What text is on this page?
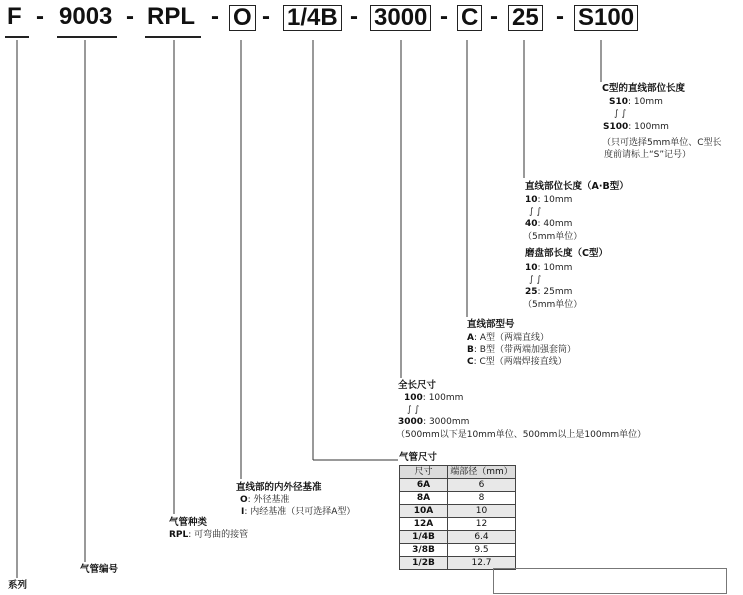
F - 9003 - RPL - O - 1/4B - 3000 - C - 25 - S100
系列
气管编号
气管种类
RPL: 可弯曲的接管
直线部的内外径基准
O: 外径基准
I: 内经基准（只可选择A型）
气管尺寸
尺寸	端部径（mm）
6A	6
8A	8
10A	10
12A	12
1/4B	6.4
3/8B	9.5
1/2B	12.7
全长尺寸
100: 100mm
∫ ∫
3000: 3000mm
（500mm以下是10mm单位、500mm以上是100mm单位）
直线部型号
A: A型（两端直线）
B: B型（带两端加强套筒）
C: C型（两端焊接直线）
直线部位长度（A·B型）
10: 10mm
∫ ∫
40: 40mm
（5mm单位）
磨盘部长度（C型）
10: 10mm
∫ ∫
25: 25mm
（5mm单位）
C型的直线部位长度
S10: 10mm
∫ ∫
S100: 100mm
（只可选择5mm单位、C型长
度前请标上“S”记号）
